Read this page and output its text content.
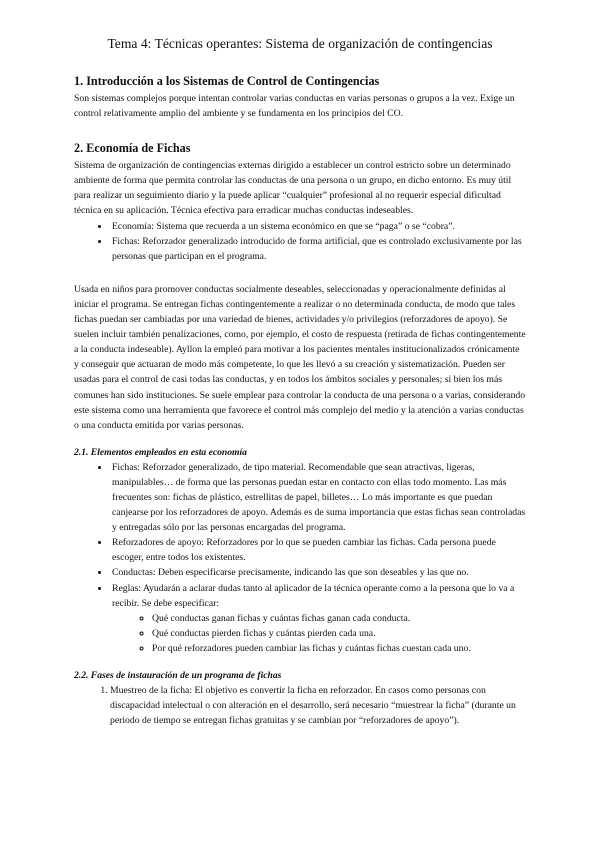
Tema 4: Técnicas operantes: Sistema de organización de contingencias
1. Introducción a los Sistemas de Control de Contingencias

Son sistemas complejos porque intentan controlar varias conductas en varias personas o grupos a la vez. Exige un control relativamente amplio del ambiente y se fundamenta en los principios del CO.

2. Economía de Fichas

Sistema de organización de contingencias externas dirigido a establecer un control estricto sobre un determinado ambiente de forma que permita controlar las conductas de una persona o un grupo, en dicho entorno. Es muy útil para realizar un seguimiento diario y la puede aplicar “cualquier” profesional al no requerir especial dificultad técnica en su aplicación. Técnica efectiva para erradicar muchas conductas indeseables.

• Economía: Sistema que recuerda a un sistema económico en que se “paga” o se “cobra”.
• Fichas: Reforzador generalizado introducido de forma artificial, que es controlado exclusivamente por las personas que participan en el programa.

Usada en niños para promover conductas socialmente deseables, seleccionadas y operacionalmente definidas al iniciar el programa. Se entregan fichas contingentemente a realizar o no determinada conducta, de modo que tales fichas puedan ser cambiadas por una variedad de bienes, actividades y/o privilegios (reforzadores de apoyo). Se suelen incluir también penalizaciones, como, por ejemplo, el costo de respuesta (retirada de fichas contingentemente a la conducta indeseable). Ayllon la empleó para motivar a los pacientes mentales institucionalizados crónicamente y conseguir que actuaran de modo más competente, lo que les llevó a su creación y sistematización. Pueden ser usadas para el control de casi todas las conductas, y en todos los ámbitos sociales y personales; si bien los más comunes han sido instituciones. Se suele emplear para controlar la conducta de una persona o a varias, considerando este sistema como una herramienta que favorece el control más complejo del medio y la atención a varias conductas o una conducta emitida por varias personas.

2.1. Elementos empleados en esta economía
• Fichas: Reforzador generalizado, de tipo material. Recomendable que sean atractivas, ligeras, manipulables… de forma que las personas puedan estar en contacto con ellas todo momento. Las más frecuentes son: fichas de plástico, estrellitas de papel, billetes… Lo más importante es que puedan canjearse por los reforzadores de apoyo. Además es de suma importancia que estas fichas sean controladas y entregadas sólo por las personas encargadas del programa.
• Reforzadores de apoyo: Reforzadores por lo que se pueden cambiar las fichas. Cada persona puede escoger, entre todos los existentes.
• Conductas: Deben especificarse precisamente, indicando las que son deseables y las que no.
• Reglas: Ayudarán a aclarar dudas tanto al aplicador de la técnica operante como a la persona que lo va a recibir. Se debe especificar:
◦ Qué conductas ganan fichas y cuántas fichas ganan cada conducta.
◦ Qué conductas pierden fichas y cuántas pierden cada una.
◦ Por qué reforzadores pueden cambiar las fichas y cuántas fichas cuestan cada uno.
2.2. Fases de instauración de un programa de fichas
1. Muestreo de la ficha: El objetivo es convertir la ficha en reforzador. En casos como personas con discapacidad intelectual o con alteración en el desarrollo, será necesario “muestrear la ficha” (durante un periodo de tiempo se entregan fichas gratuitas y se cambian por “reforzadores de apoyo”).
